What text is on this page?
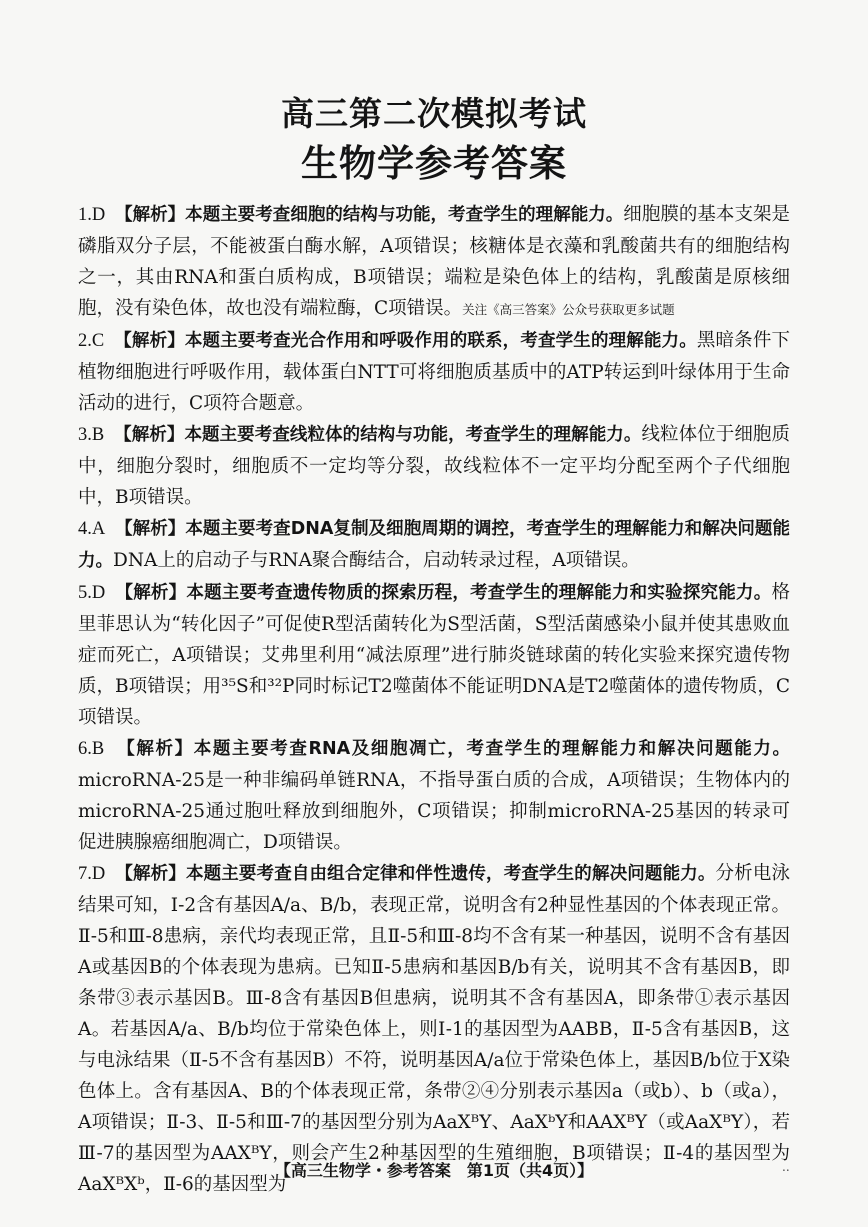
高三第二次模拟考试
生物学参考答案

1.D　 【解析】本题主要考查细胞的结构与功能，考查学生的理解能力。细胞膜的基本支架是磷脂双分子层，不能被蛋白酶水解，A项错误；核糖体是衣藻和乳酸菌共有的细胞结构之一，其由RNA和蛋白质构成，B项错误；端粒是染色体上的结构，乳酸菌是原核细胞，没有染色体，故也没有端粒酶，C项错误。关注《高三答案》公众号获取更多试题

2.C　 【解析】本题主要考查光合作用和呼吸作用的联系，考查学生的理解能力。黑暗条件下植物细胞进行呼吸作用，载体蛋白NTT可将细胞质基质中的ATP转运到叶绿体用于生命活动的进行，C项符合题意。

3.B　 【解析】本题主要考查线粒体的结构与功能，考查学生的理解能力。线粒体位于细胞质中，细胞分裂时，细胞质不一定均等分裂，故线粒体不一定平均分配至两个子代细胞中，B项错误。

4.A　 【解析】本题主要考查DNA复制及细胞周期的调控，考查学生的理解能力和解决问题能力。DNA上的启动子与RNA聚合酶结合，启动转录过程，A项错误。

5.D　 【解析】本题主要考查遗传物质的探索历程，考查学生的理解能力和实验探究能力。格里菲思认为“转化因子”可促使R型活菌转化为S型活菌，S型活菌感染小鼠并使其患败血症而死亡，A项错误；艾弗里利用“减法原理”进行肺炎链球菌的转化实验来探究遗传物质，B项错误；用³⁵S和³²P同时标记T2噬菌体不能证明DNA是T2噬菌体的遗传物质，C项错误。

6.B　 【解析】本题主要考查RNA及细胞凋亡，考查学生的理解能力和解决问题能力。microRNA-25是一种非编码单链RNA，不指导蛋白质的合成，A项错误；生物体内的microRNA-25通过胞吐释放到细胞外，C项错误；抑制microRNA-25基因的转录可促进胰腺癌细胞凋亡，D项错误。

7.D　 【解析】本题主要考查自由组合定律和伴性遗传，考查学生的解决问题能力。分析电泳结果可知，Ⅰ-2含有基因A/a、B/b，表现正常，说明含有2种显性基因的个体表现正常。Ⅱ-5和Ⅲ-8患病，亲代均表现正常，且Ⅱ-5和Ⅲ-8均不含有某一种基因，说明不含有基因A或基因B的个体表现为患病。已知Ⅱ-5患病和基因B/b有关，说明其不含有基因B，即条带③表示基因B。Ⅲ-8含有基因B但患病，说明其不含有基因A，即条带①表示基因A。若基因A/a、B/b均位于常染色体上，则Ⅰ-1的基因型为AABB，Ⅱ-5含有基因B，这与电泳结果（Ⅱ-5不含有基因B）不符，说明基因A/a位于常染色体上，基因B/b位于X染色体上。含有基因A、B的个体表现正常，条带②④分别表示基因a（或b）、b（或a），A项错误；Ⅱ-3、Ⅱ-5和Ⅲ-7的基因型分别为AaXᴮY、AaXᵇY和AAXᴮY（或AaXᴮY），若Ⅲ-7的基因型为AAXᴮY，则会产生2种基因型的生殖细胞，B项错误；Ⅱ-4的基因型为AaXᴮXᵇ，Ⅱ-6的基因型为

【高三生物学・参考答案　第1页（共4页）】	..
